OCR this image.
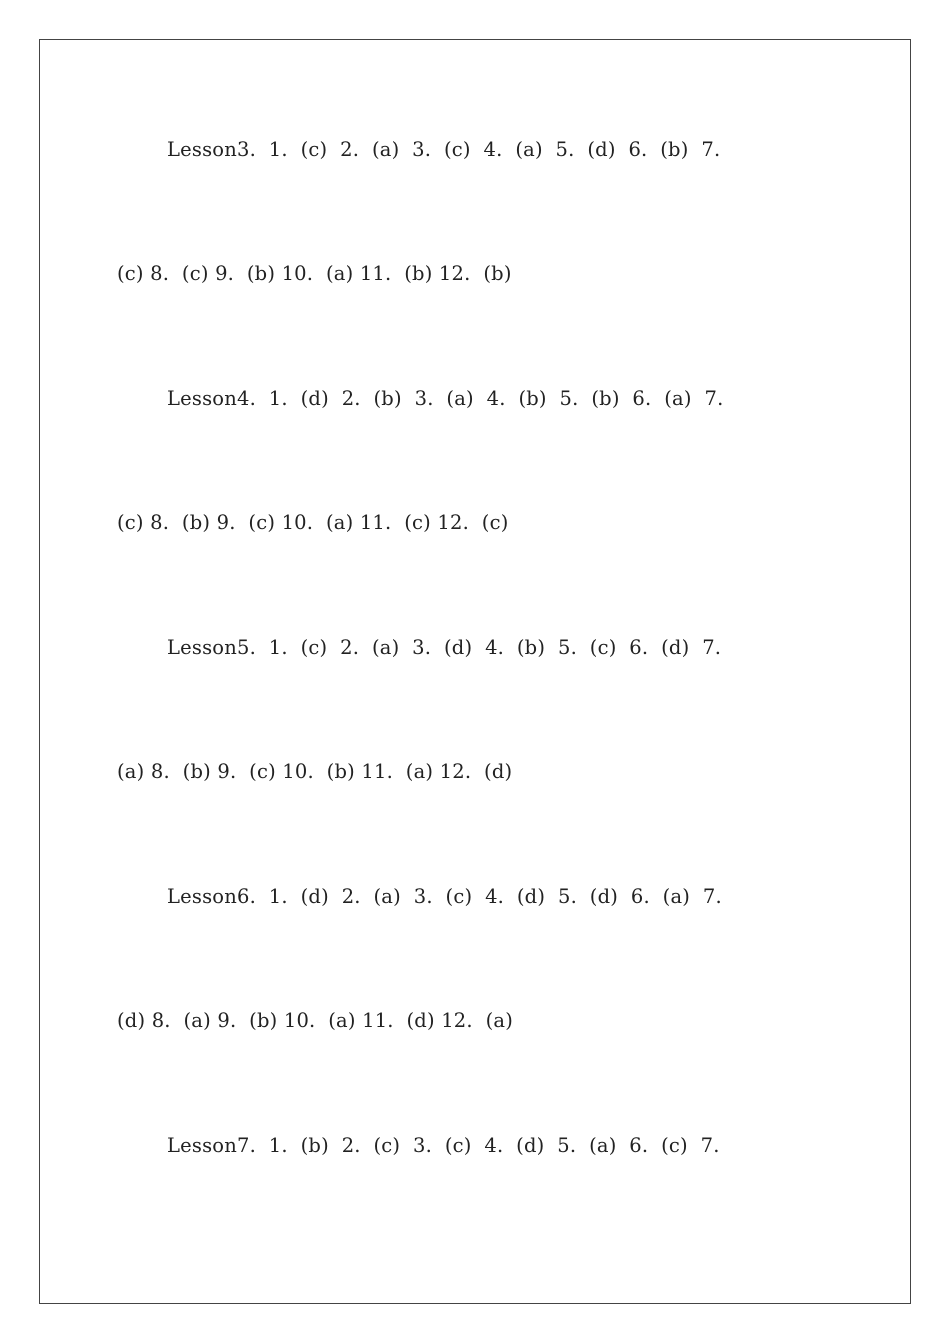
Lesson3.  1.  (c)  2.  (a)  3.  (c)  4.  (a)  5.  (d)  6.  (b)  7.
(c) 8.  (c) 9.  (b) 10.  (a) 11.  (b) 12.  (b)
Lesson4.  1.  (d)  2.  (b)  3.  (a)  4.  (b)  5.  (b)  6.  (a)  7.
(c) 8.  (b) 9.  (c) 10.  (a) 11.  (c) 12.  (c)
Lesson5.  1.  (c)  2.  (a)  3.  (d)  4.  (b)  5.  (c)  6.  (d)  7.
(a) 8.  (b) 9.  (c) 10.  (b) 11.  (a) 12.  (d)
Lesson6.  1.  (d)  2.  (a)  3.  (c)  4.  (d)  5.  (d)  6.  (a)  7.
(d) 8.  (a) 9.  (b) 10.  (a) 11.  (d) 12.  (a)
Lesson7.  1.  (b)  2.  (c)  3.  (c)  4.  (d)  5.  (a)  6.  (c)  7.
